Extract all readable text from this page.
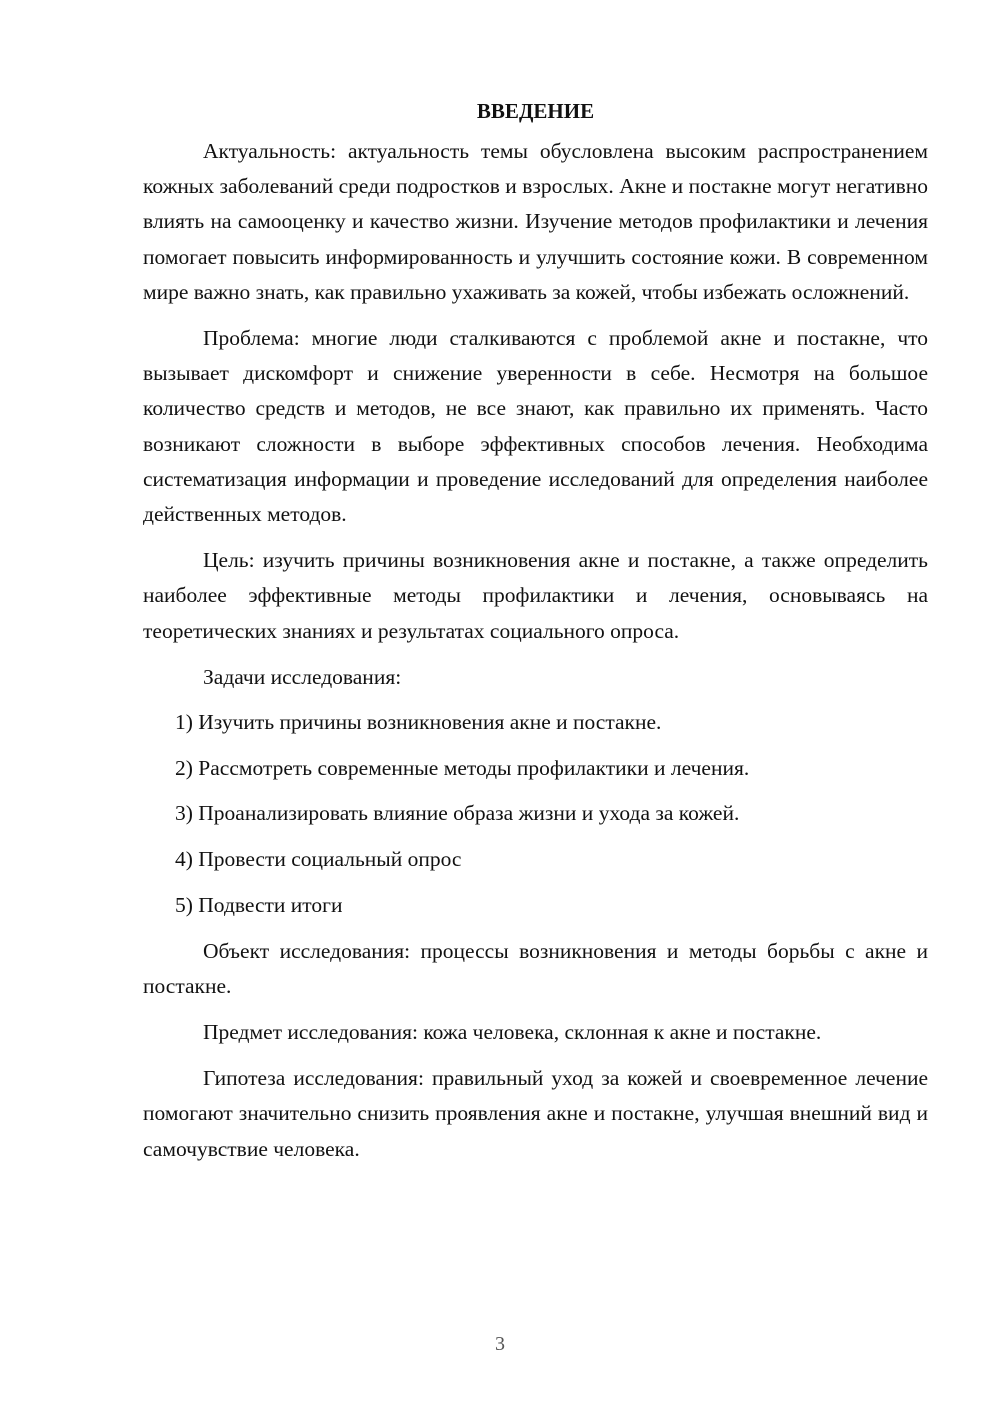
ВВЕДЕНИЕ

Актуальность: актуальность темы обусловлена высоким распространением кожных заболеваний среди подростков и взрослых. Акне и постакне могут негативно влиять на самооценку и качество жизни. Изучение методов профилактики и лечения помогает повысить информированность и улучшить состояние кожи. В современном мире важно знать, как правильно ухаживать за кожей, чтобы избежать осложнений.

Проблема: многие люди сталкиваются с проблемой акне и постакне, что вызывает дискомфорт и снижение уверенности в себе. Несмотря на большое количество средств и методов, не все знают, как правильно их применять. Часто возникают сложности в выборе эффективных способов лечения. Необходима систематизация информации и проведение исследований для определения наиболее действенных методов.

Цель: изучить причины возникновения акне и постакне, а также определить наиболее эффективные методы профилактики и лечения, основываясь на теоретических знаниях и результатах социального опроса.

Задачи исследования:

1) Изучить причины возникновения акне и постакне.
2) Рассмотреть современные методы профилактики и лечения.
3) Проанализировать влияние образа жизни и ухода за кожей.
4) Провести социальный опрос
5) Подвести итоги

Объект исследования: процессы возникновения и методы борьбы с акне и постакне.

Предмет исследования: кожа человека, склонная к акне и постакне.

Гипотеза исследования: правильный уход за кожей и своевременное лечение помогают значительно снизить проявления акне и постакне, улучшая внешний вид и самочувствие человека.

3
